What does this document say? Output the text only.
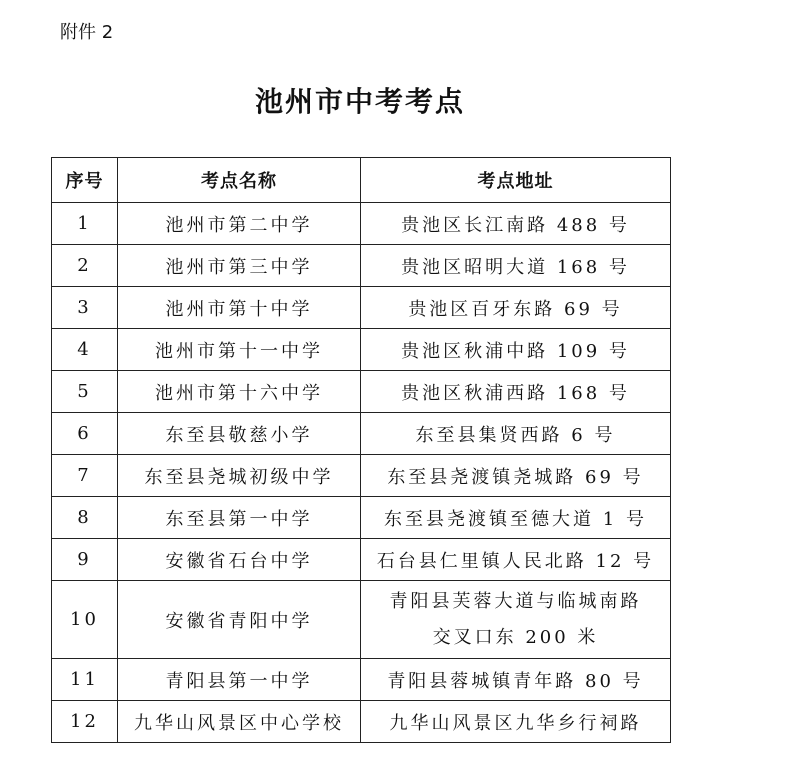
附件 2
池州市中考考点
序号	考点名称	考点地址
1	池州市第二中学	贵池区长江南路 488 号
2	池州市第三中学	贵池区昭明大道 168 号
3	池州市第十中学	贵池区百牙东路 69 号
4	池州市第十一中学	贵池区秋浦中路 109 号
5	池州市第十六中学	贵池区秋浦西路 168 号
6	东至县敬慈小学	东至县集贤西路 6 号
7	东至县尧城初级中学	东至县尧渡镇尧城路 69 号
8	东至县第一中学	东至县尧渡镇至德大道 1 号
9	安徽省石台中学	石台县仁里镇人民北路 12 号
10	安徽省青阳中学	青阳县芙蓉大道与临城南路
交叉口东 200 米

11	青阳县第一中学	青阳县蓉城镇青年路 80 号
12	九华山风景区中心学校	九华山风景区九华乡行祠路
